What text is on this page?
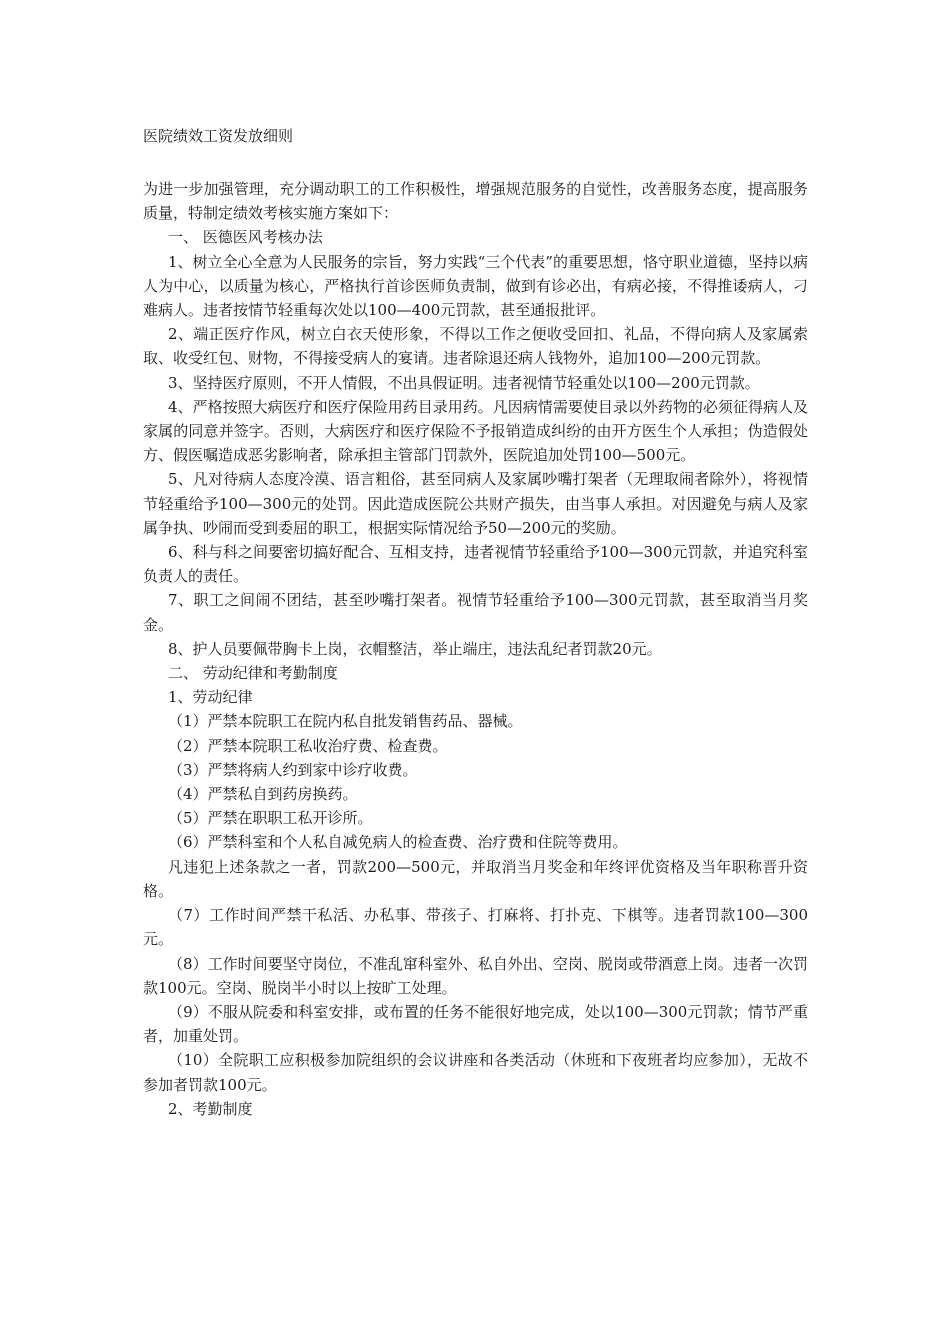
医院绩效工资发放细则

为进一步加强管理，充分调动职工的工作积极性，增强规范服务的自觉性，改善服务态度，提高服务质量，特制定绩效考核实施方案如下：

一、 医德医风考核办法

1、树立全心全意为人民服务的宗旨，努力实践“三个代表”的重要思想，恪守职业道德，坚持以病人为中心，以质量为核心，严格执行首诊医师负责制，做到有诊必出，有病必接，不得推诿病人，刁难病人。违者按情节轻重每次处以100—400元罚款，甚至通报批评。

2、端正医疗作风，树立白衣天使形象，不得以工作之便收受回扣、礼品，不得向病人及家属索取、收受红包、财物，不得接受病人的宴请。违者除退还病人钱物外，追加100—200元罚款。

3、坚持医疗原则，不开人情假，不出具假证明。违者视情节轻重处以100—200元罚款。

4、严格按照大病医疗和医疗保险用药目录用药。凡因病情需要使目录以外药物的必须征得病人及家属的同意并签字。否则，大病医疗和医疗保险不予报销造成纠纷的由开方医生个人承担；伪造假处方、假医嘱造成恶劣影响者，除承担主管部门罚款外，医院追加处罚100—500元。

5、凡对待病人态度冷漠、语言粗俗，甚至同病人及家属吵嘴打架者（无理取闹者除外），将视情节轻重给予100—300元的处罚。因此造成医院公共财产损失，由当事人承担。对因避免与病人及家属争执、吵闹而受到委屈的职工，根据实际情况给予50—200元的奖励。

6、科与科之间要密切搞好配合、互相支持，违者视情节轻重给予100—300元罚款，并追究科室负责人的责任。

7、职工之间闹不团结，甚至吵嘴打架者。视情节轻重给予100—300元罚款，甚至取消当月奖金。

8、护人员要佩带胸卡上岗，衣帽整洁，举止端庄，违法乱纪者罚款20元。

二、 劳动纪律和考勤制度

1、劳动纪律

（1）严禁本院职工在院内私自批发销售药品、器械。

（2）严禁本院职工私收治疗费、检查费。

（3）严禁将病人约到家中诊疗收费。

（4）严禁私自到药房换药。

（5）严禁在职职工私开诊所。

（6）严禁科室和个人私自减免病人的检查费、治疗费和住院等费用。

凡违犯上述条款之一者，罚款200—500元，并取消当月奖金和年终评优资格及当年职称晋升资格。

（7）工作时间严禁干私活、办私事、带孩子、打麻将、打扑克、下棋等。违者罚款100—300元。

（8）工作时间要坚守岗位，不准乱窜科室外、私自外出、空岗、脱岗或带酒意上岗。违者一次罚款100元。空岗、脱岗半小时以上按旷工处理。

（9）不服从院委和科室安排，或布置的任务不能很好地完成，处以100—300元罚款；情节严重者，加重处罚。

（10）全院职工应积极参加院组织的会议讲座和各类活动（休班和下夜班者均应参加），无故不参加者罚款100元。

2、考勤制度
